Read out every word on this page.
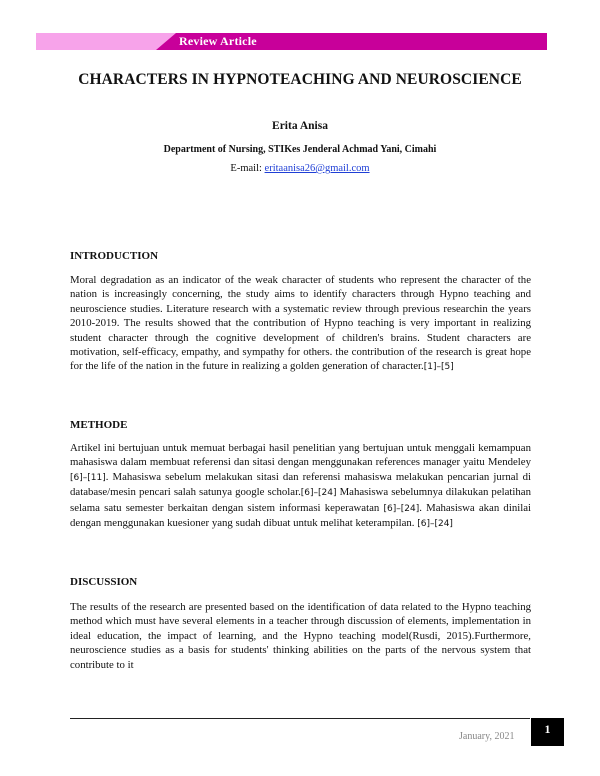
Review Article
CHARACTERS IN HYPNOTEACHING AND NEUROSCIENCE
Erita Anisa
Department of Nursing, STIKes Jenderal Achmad Yani, Cimahi
E-mail: eritaanisa26@gmail.com
INTRODUCTION

Moral degradation as an indicator of the weak character of students who represent the character of the nation is increasingly concerning, the study aims to identify characters through Hypno teaching and neuroscience studies. Literature research with a systematic review through previous researchin the years 2010-2019. The results showed that the contribution of Hypno teaching is very important in realizing student character through the cognitive development of children's brains. Student characters are motivation, self-efficacy, empathy, and sympathy for others. the contribution of the research is great hope for the life of the nation in the future in realizing a golden generation of character.[1]–[5]

METHODE

Artikel ini bertujuan untuk memuat berbagai hasil penelitian yang bertujuan untuk menggali kemampuan mahasiswa dalam membuat referensi dan sitasi dengan menggunakan references manager yaitu Mendeley [6]–[11]. Mahasiswa sebelum melakukan sitasi dan referensi mahasiswa melakukan pencarian jurnal di database/mesin pencari salah satunya google scholar.[6]–[24] Mahasiswa sebelumnya dilakukan pelatihan selama satu semester berkaitan dengan sistem informasi keperawatan [6]–[24]. Mahasiswa akan dinilai dengan menggunakan kuesioner yang sudah dibuat untuk melihat keterampilan. [6]–[24]

DISCUSSION

The results of the research are presented based on the identification of data related to the Hypno teaching method which must have several elements in a teacher through discussion of elements, implementation in ideal education, the impact of learning, and the Hypno teaching model(Rusdi, 2015).Furthermore, neuroscience studies as a basis for students' thinking abilities on the parts of the nervous system that contribute to it

January, 2021
1
